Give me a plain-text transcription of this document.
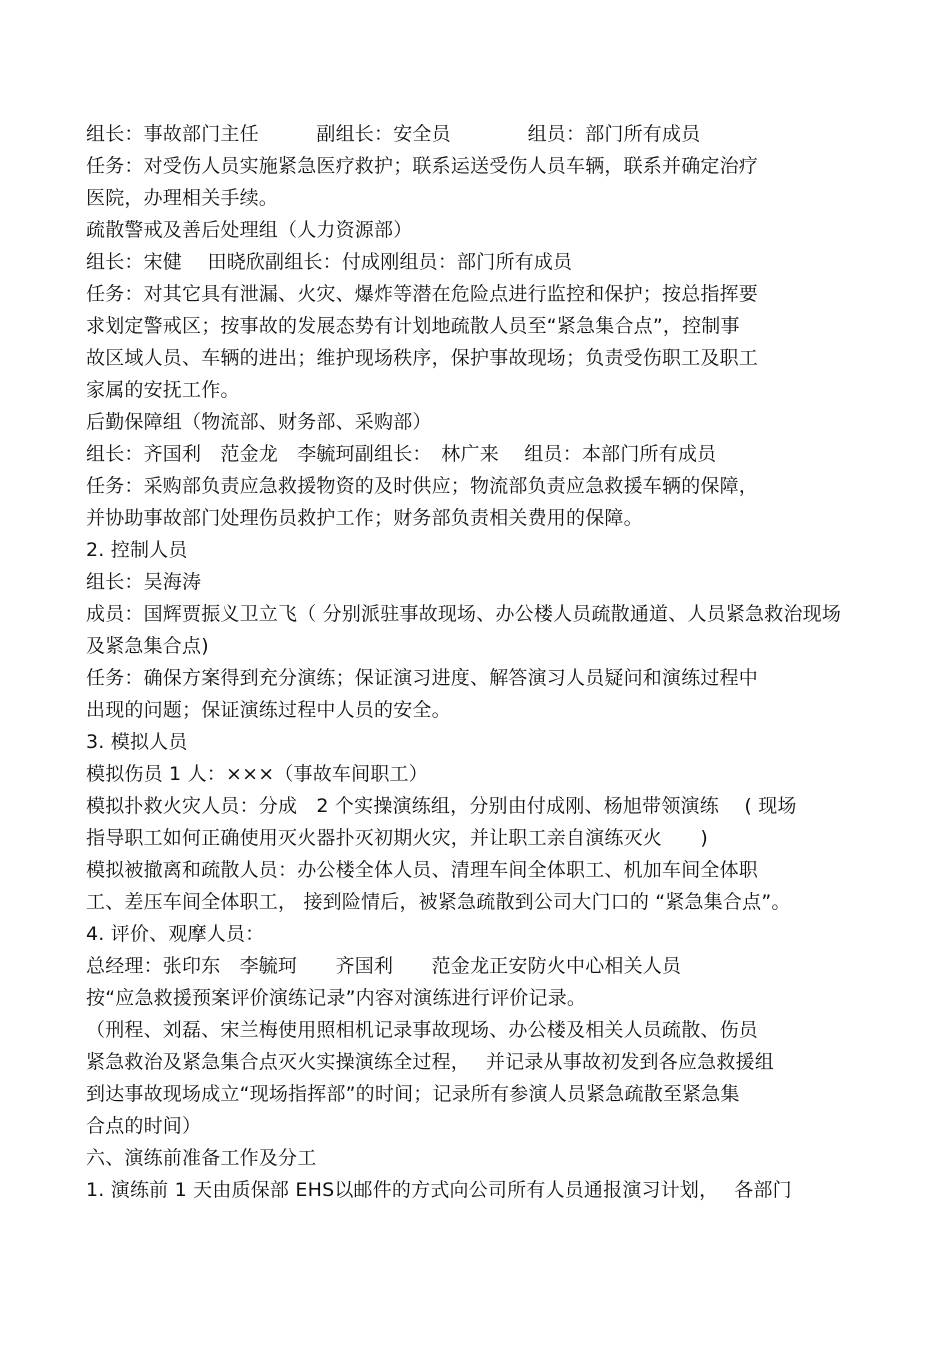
组长：事故部门主任　　　副组长：安全员　　　　组员：部门所有成员
任务：对受伤人员实施紧急医疗救护；联系运送受伤人员车辆，联系并确定治疗
医院，办理相关手续。
疏散警戒及善后处理组（人力资源部）
组长：宋健　 田晓欣副组长：付成刚组员：部门所有成员
任务：对其它具有泄漏、火灾、爆炸等潜在危险点进行监控和保护；按总指挥要
求划定警戒区；按事故的发展态势有计划地疏散人员至“紧急集合点”，控制事
故区域人员、车辆的进出；维护现场秩序，保护事故现场；负责受伤职工及职工
家属的安抚工作。
后勤保障组（物流部、财务部、采购部）
组长：齐国利　范金龙　李毓珂副组长：　林广来　 组员：本部门所有成员
任务：采购部负责应急救援物资的及时供应；物流部负责应急救援车辆的保障，
并协助事故部门处理伤员救护工作；财务部负责相关费用的保障。
2. 控制人员
组长：吴海涛
成员：国辉贾振义卫立飞（ 分别派驻事故现场、办公楼人员疏散通道、人员紧急救治现场
及紧急集合点)
任务：确保方案得到充分演练；保证演习进度、解答演习人员疑问和演练过程中
出现的问题；保证演练过程中人员的安全。
3. 模拟人员
模拟伤员 1 人：×××（事故车间职工）
模拟扑救火灾人员：分成　2 个实操演练组，分别由付成刚、杨旭带领演练　 ( 现场
指导职工如何正确使用灭火器扑灭初期火灾，并让职工亲自演练灭火　　)
模拟被撤离和疏散人员：办公楼全体人员、清理车间全体职工、机加车间全体职
工、差压车间全体职工， 接到险情后，被紧急疏散到公司大门口的 “紧急集合点”。
4. 评价、观摩人员：
总经理：张印东　李毓珂　　齐国利　　范金龙正安防火中心相关人员
按“应急救援预案评价演练记录”内容对演练进行评价记录。
（刑程、刘磊、宋兰梅使用照相机记录事故现场、办公楼及相关人员疏散、伤员
紧急救治及紧急集合点灭火实操演练全过程，　 并记录从事故初发到各应急救援组
到达事故现场成立“现场指挥部”的时间；记录所有参演人员紧急疏散至紧急集
合点的时间）
六、演练前准备工作及分工
1. 演练前 1 天由质保部 EHS以邮件的方式向公司所有人员通报演习计划，　 各部门
